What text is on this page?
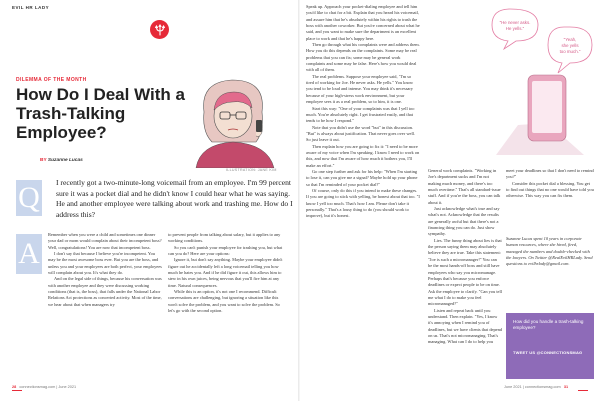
EVIL HR LADY
DILEMMA OF THE MONTH
How Do I Deal With a Trash-Talking Employee?
ILLUSTRATION: JANE KIM
BY Suzanne Lucas
Q I recently got a two-minute-long voicemail from an employee. I'm 99 percent sure it was a pocket dial and he didn't know I could hear what he was saying. He and another employee were talking about work and trashing me. How do I address this?

A

Remember when you were a child and sometimes one dinner your dad or mom would complain about their incompetent boss? Well, congratulations! You are now that incompetent boss.

I don't say that because I believe you're incompetent. You may be the most awesome boss ever. But you are the boss, and unless you and your employees are both perfect, your employees will complain about you. It's what they do.

And on the legal side of things, because his conversation was with another employee and they were discussing working conditions (that is, the boss), that falls under the National Labor Relations Act protections as concerted activity. Most of the time, we hear about that when managers try

to prevent people from talking about salary, but it applies to any working conditions.

So you can't punish your employee for trashing you, but what can you do? Here are your options:

Ignore it, but don't say anything. Maybe your employee didn't figure out he accidentally left a long voicemail telling you how much he hates you. And if he did figure it out, this allows him to stew in his own juices, being nervous that you'll fire him at any time. Natural consequences.

While this is an option, it's not one I recommend. Difficult conversations are challenging, but ignoring a situation like this won't solve the problem, and you want to solve the problem. So let's go with the second option.

28 connectionsmag.com | June 2021

Speak up. Approach your pocket-dialing employee and tell him you'd like to chat for a bit. Explain that you heard his voicemail, and assure him that he's absolutely within his rights to trash the boss with another coworker. But you're concerned about what he said, and you want to make sure the department is an excellent place to work and that he's happy here.

Then go through what his complaints were and address them. How you do this depends on the complaints. Some may be real problems that you can fix; some may be general work complaints and some may be false. Here's how you would deal with all of them.

The real problems. Suppose your employee said, "I'm so tired of working for Joe. He never asks. He yells." You know you tend to be loud and intense. You may think it's necessary because of your high-stress work environment, but your employee sees it as a real problem, so to him, it is one.

Start this way: "One of your complaints was that I yell too much. You're absolutely right. I get frustrated easily, and that tends to be how I respond."

Note that you didn't use the word "but" in this discussion. "But" is always about justification. That never goes over well. So just leave it out.

Then explain how you are going to fix it: "I need to be more aware of my voice when I'm speaking. I know I need to work on this, and now that I'm aware of how much it bothers you, I'll make an effort."

Go one step further and ask for his help: "When I'm starting to lose it, can you give me a signal? Maybe hold up your phone so that I'm reminded of your pocket dial?"

Of course, only do this if you intend to make these changes. If you are going to stick with yelling, be honest about that too. "I know I yell too much. That's how I am. Please don't take it personally." That's a lousy thing to do (you should work to improve), but it's honest.

General work complaints. "Working in Joe's department sucks and I'm not making much money, and there's too much overtime." That's all standard-issue stuff. And if you're the boss, you can talk about it.

Just acknowledge what's true and say what's not. Acknowledge that the results are generally awful but that there's not a financing thing you can do. Just show sympathy.

Lies. The funny thing about lies is that the person saying them may absolutely believe they are true. Take this statement: "Joe is such a micromanager!" You can be the most hands-off boss and still have employees who say you micromanage. Perhaps that's because you enforce deadlines or expect people to be on time. Ask the employee to clarify. "Can you tell me what I do to make you feel micromanaged?"

Listen and repeat back until you understand. Then explain. "Yes, I know it's annoying when I remind you of deadlines, but we have clients that depend on us. That's not micromanaging. That's managing. What can I do to help you

meet your deadlines so that I don't need to remind you?"

Consider this pocket dial a blessing. You get to find out things that no one would have told you otherwise. This way you can fix them.

Suzanne Lucas spent 10 years in corporate human resources, where she hired, fired, managed the numbers and double-checked with the lawyers. On Twitter @RealEvilHRLady. Send questions to evilhrlady@gmail.com.

June 2021 | connectionsmag.com 31
"He never asks.
He yells."
"Yeah,
she yells
too much."
How did you handle a trash-talking employee?
TWEET US @CONNECTIONSMAG
